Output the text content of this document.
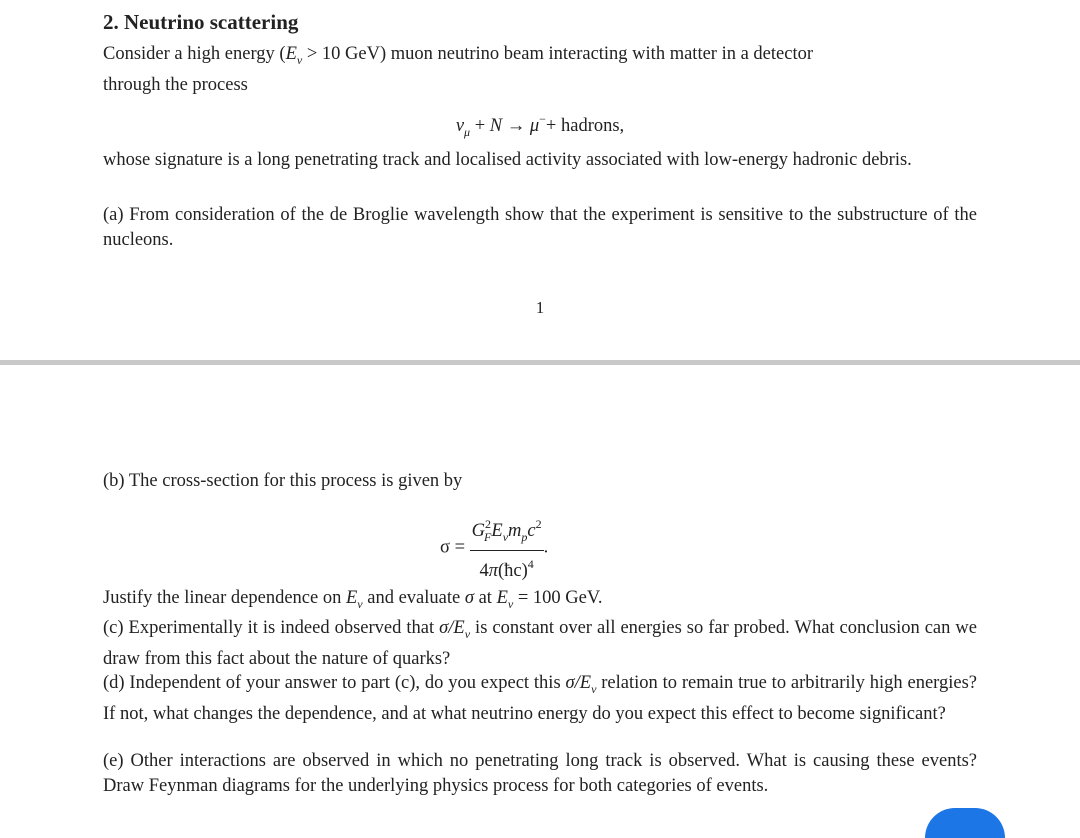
2. Neutrino scattering
Consider a high energy ($E_\nu > 10$ GeV) muon neutrino beam interacting with matter in a detector
through the process
$\nu_\mu + N \to \mu^-+$ hadrons,
whose signature is a long penetrating track and localised activity associated with low-energy hadronic debris.
(a) From consideration of the de Broglie wavelength show that the experiment is sensitive to the substructure of the nucleons.
1
(b) The cross-section for this process is given by
$\sigma = \frac{G^2_FE_\nu m_pc^2}{4\pi(ħc)^4}$ .
Justify the linear dependence on $E_\nu$ and evaluate σ at $E_\nu = 100$ GeV.
(c) Experimentally it is indeed observed that $\sigma/E_\nu$ is constant over all energies so far probed. What conclusion can we draw from this fact about the nature of quarks?
(d) Independent of your answer to part (c), do you expect this $\sigma/E_\nu$ relation to remain true to arbitrarily high energies? If not, what changes the dependence, and at what neutrino energy do you expect this effect to become significant?
(e) Other interactions are observed in which no penetrating long track is observed. What is causing these events? Draw Feynman diagrams for the underlying physics process for both categories of events.
